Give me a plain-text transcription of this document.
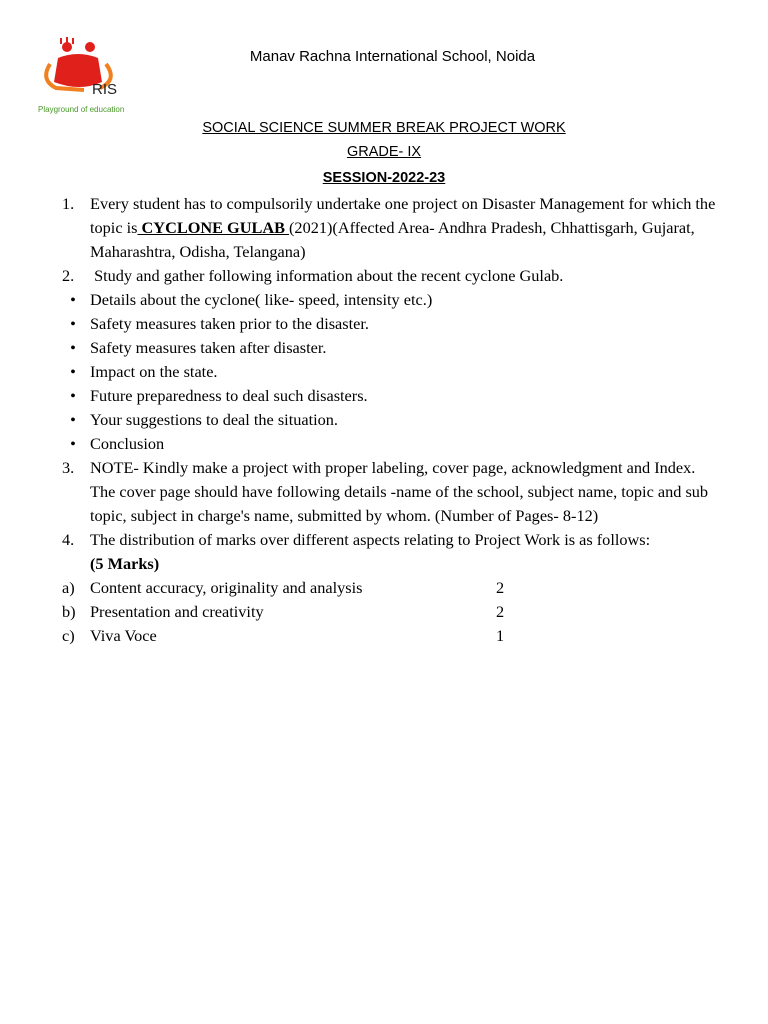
RIS
Playground of education
Manav Rachna International School, Noida
SOCIAL SCIENCE SUMMER BREAK PROJECT WORK
GRADE- IX
SESSION-2022-23
1. Every student has to compulsorily undertake one project on Disaster Management for which the topic is CYCLONE GULAB (2021)(Affected Area- Andhra Pradesh, Chhattisgarh, Gujarat, Maharashtra, Odisha, Telangana)
2. Study and gather following information about the recent cyclone Gulab.
• Details about the cyclone( like- speed, intensity etc.)
• Safety measures taken prior to the disaster.
• Safety measures taken after disaster.
• Impact on the state.
• Future preparedness to deal such disasters.
• Your suggestions to deal the situation.
• Conclusion
3. NOTE- Kindly make a project with proper labeling, cover page, acknowledgment and Index. The cover page should have following details -name of the school, subject name, topic and sub topic, subject in charge's name, submitted by whom. (Number of Pages- 8-12)
4. The distribution of marks over different aspects relating to Project Work is as follows:
(5 Marks)
a) Content accuracy, originality and analysis	2
b) Presentation and creativity	2
c) Viva Voce	1
